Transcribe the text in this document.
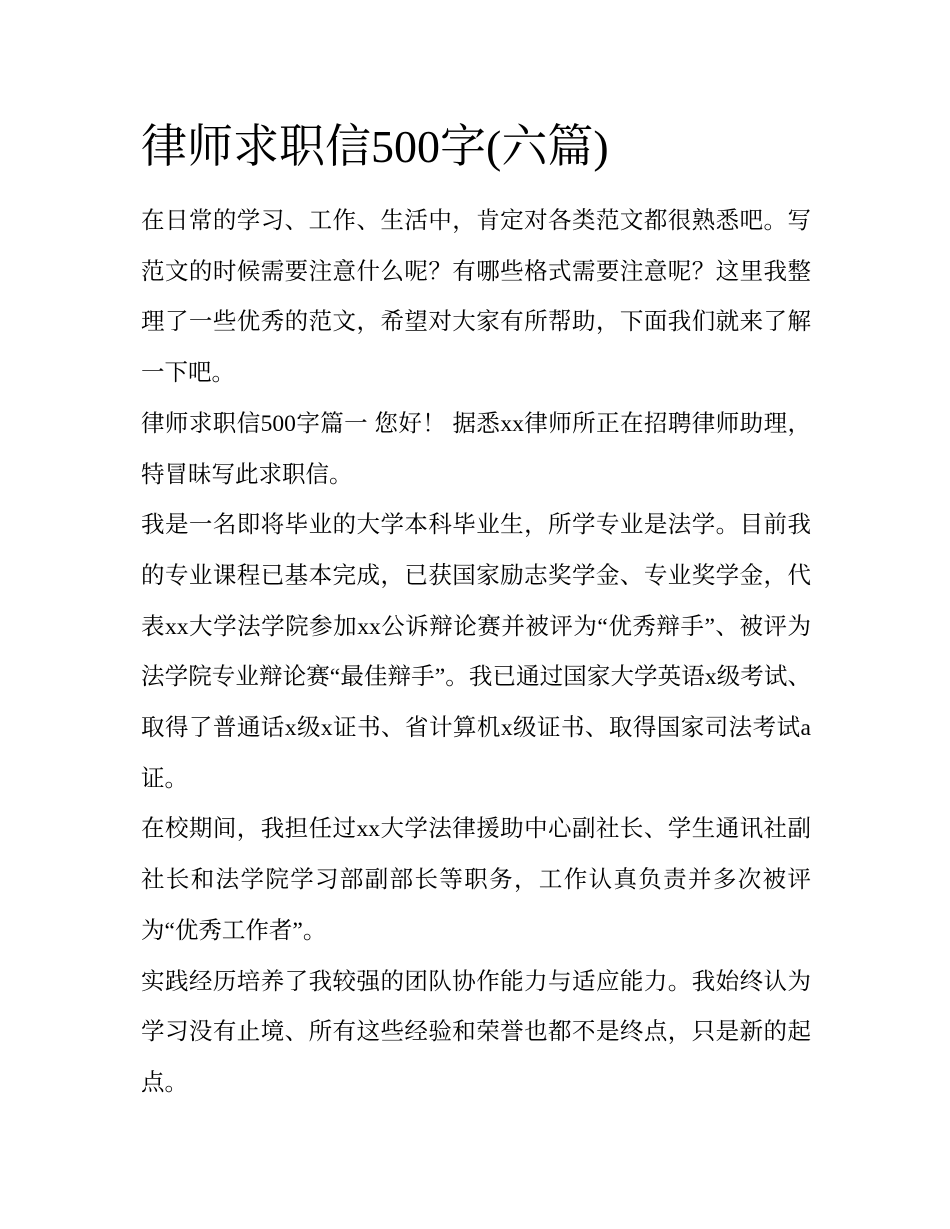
律师求职信500字(六篇)

在日常的学习、工作、生活中，肯定对各类范文都很熟悉吧。写范文的时候需要注意什么呢？有哪些格式需要注意呢？这里我整理了一些优秀的范文，希望对大家有所帮助，下面我们就来了解一下吧。

律师求职信500字篇一 您好！ 据悉xx律师所正在招聘律师助理，特冒昧写此求职信。

我是一名即将毕业的大学本科毕业生，所学专业是法学。目前我的专业课程已基本完成，已获国家励志奖学金、专业奖学金，代表xx大学法学院参加xx公诉辩论赛并被评为“优秀辩手”、被评为法学院专业辩论赛“最佳辩手”。我已通过国家大学英语x级考试、取得了普通话x级x证书、省计算机x级证书、取得国家司法考试a证。

在校期间，我担任过xx大学法律援助中心副社长、学生通讯社副社长和法学院学习部副部长等职务，工作认真负责并多次被评为“优秀工作者”。

实践经历培养了我较强的团队协作能力与适应能力。我始终认为学习没有止境、所有这些经验和荣誉也都不是终点，只是新的起点。
